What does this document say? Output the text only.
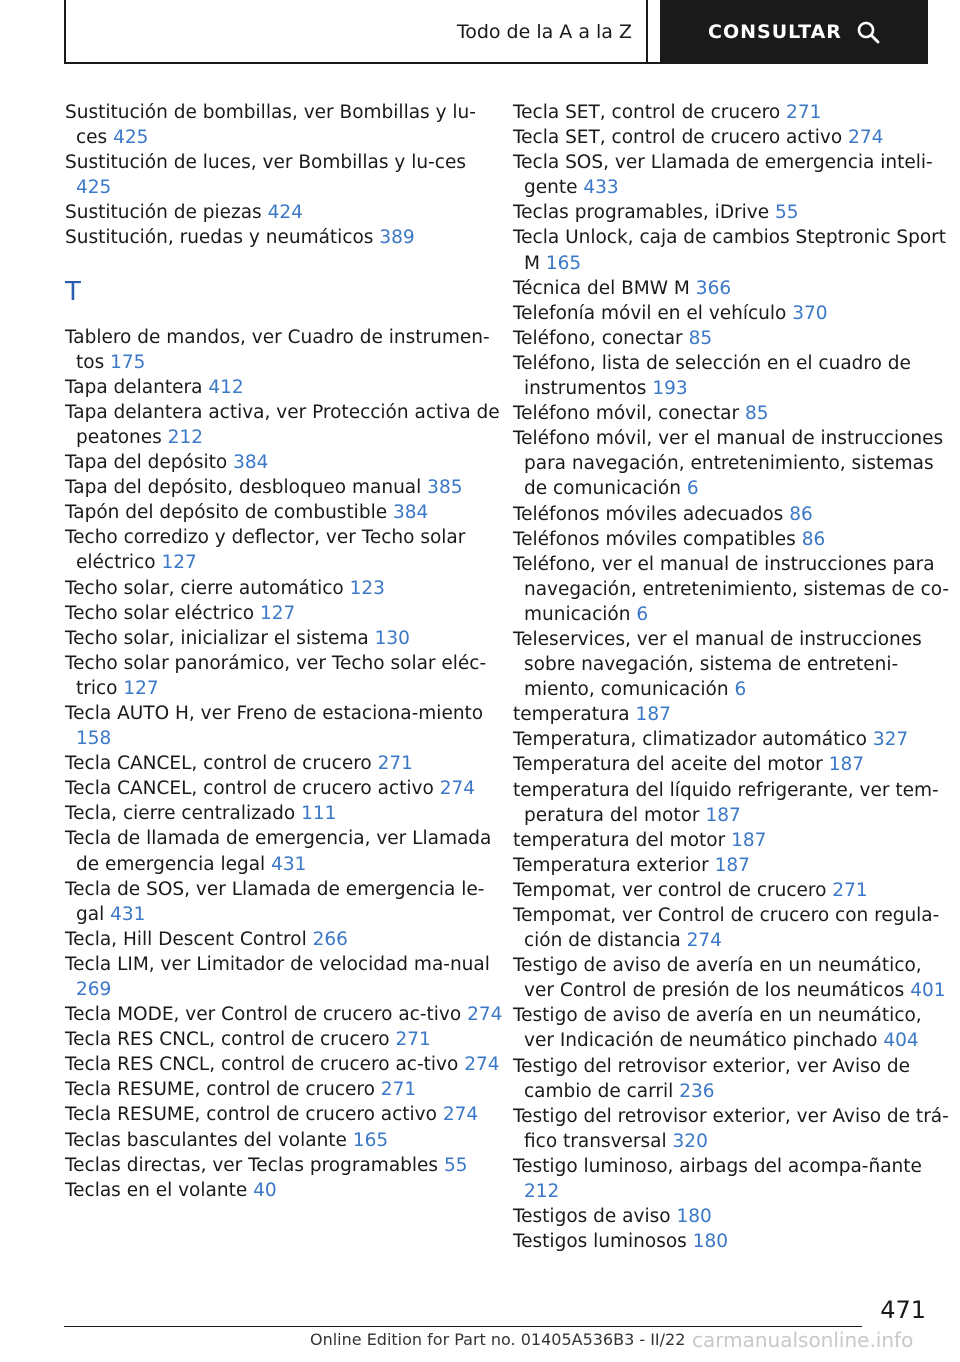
Todo de la A a la Z	CONSULTAR
Sustitución de bombillas, ver Bombillas y lu-ces 425
Sustitución de luces, ver Bombillas y lu-ces 425
Sustitución de piezas 424
Sustitución, ruedas y neumáticos 389
T
Tablero de mandos, ver Cuadro de instrumen-tos 175
Tapa delantera 412
Tapa delantera activa, ver Protección activa de peatones 212
Tapa del depósito 384
Tapa del depósito, desbloqueo manual 385
Tapón del depósito de combustible 384
Techo corredizo y deflector, ver Techo solar eléctrico 127
Techo solar, cierre automático 123
Techo solar eléctrico 127
Techo solar, inicializar el sistema 130
Techo solar panorámico, ver Techo solar eléc-trico 127
Tecla AUTO H, ver Freno de estaciona-miento 158
Tecla CANCEL, control de crucero 271
Tecla CANCEL, control de crucero activo 274
Tecla, cierre centralizado 111
Tecla de llamada de emergencia, ver Llamada de emergencia legal 431
Tecla de SOS, ver Llamada de emergencia le-gal 431
Tecla, Hill Descent Control 266
Tecla LIM, ver Limitador de velocidad ma-nual 269
Tecla MODE, ver Control de crucero ac-tivo 274
Tecla RES CNCL, control de crucero 271
Tecla RES CNCL, control de crucero ac-tivo 274
Tecla RESUME, control de crucero 271
Tecla RESUME, control de crucero activo 274
Teclas basculantes del volante 165
Teclas directas, ver Teclas programables 55
Teclas en el volante 40
Tecla SET, control de crucero 271
Tecla SET, control de crucero activo 274
Tecla SOS, ver Llamada de emergencia inteli-gente 433
Teclas programables, iDrive 55
Tecla Unlock, caja de cambios Steptronic Sport M 165
Técnica del BMW M 366
Telefonía móvil en el vehículo 370
Teléfono, conectar 85
Teléfono, lista de selección en el cuadro de instrumentos 193
Teléfono móvil, conectar 85
Teléfono móvil, ver el manual de instrucciones para navegación, entretenimiento, sistemas de comunicación 6
Teléfonos móviles adecuados 86
Teléfonos móviles compatibles 86
Teléfono, ver el manual de instrucciones para navegación, entretenimiento, sistemas de co-municación 6
Teleservices, ver el manual de instrucciones sobre navegación, sistema de entreteni-miento, comunicación 6
temperatura 187
Temperatura, climatizador automático 327
Temperatura del aceite del motor 187
temperatura del líquido refrigerante, ver tem-peratura del motor 187
temperatura del motor 187
Temperatura exterior 187
Tempomat, ver control de crucero 271
Tempomat, ver Control de crucero con regula-ción de distancia 274
Testigo de aviso de avería en un neumático, ver Control de presión de los neumáticos 401
Testigo de aviso de avería en un neumático, ver Indicación de neumático pinchado 404
Testigo del retrovisor exterior, ver Aviso de cambio de carril 236
Testigo del retrovisor exterior, ver Aviso de trá-fico transversal 320
Testigo luminoso, airbags del acompa-ñante 212
Testigos de aviso 180
Testigos luminosos 180
471
Online Edition for Part no. 01405A536B3 - II/22 carmanualsonline.info
